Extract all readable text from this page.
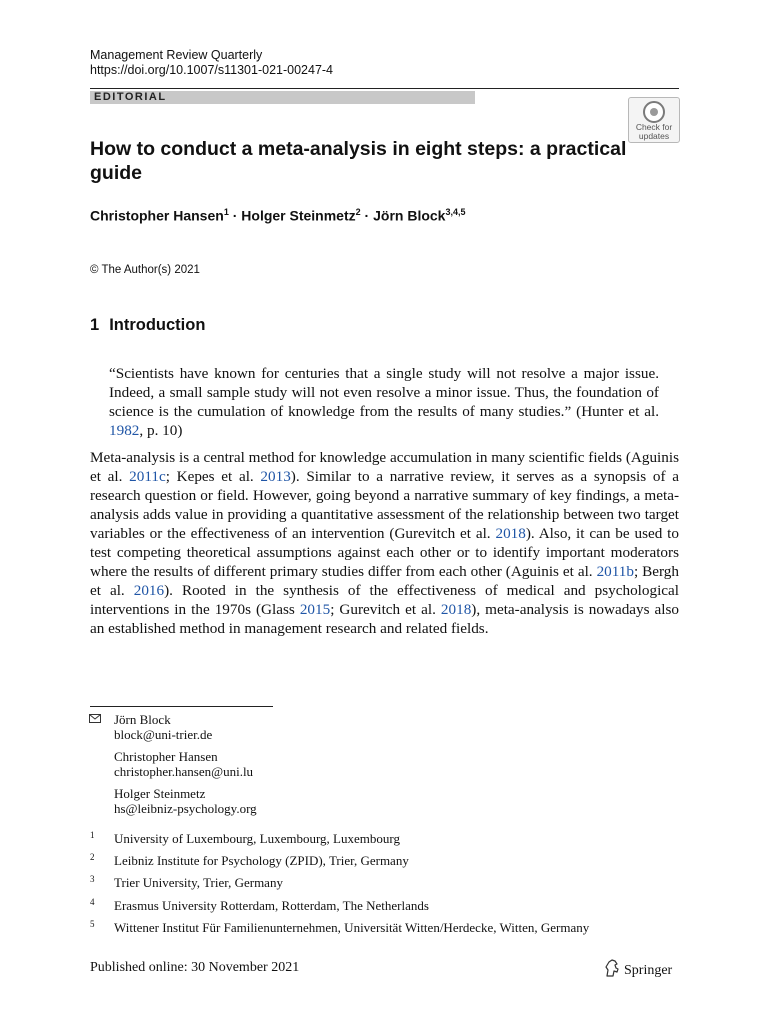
Management Review Quarterly
https://doi.org/10.1007/s11301-021-00247-4
EDITORIAL
Check for
updates
How to conduct a meta-analysis in eight steps: a practical guide
Christopher Hansen$^1$ · Holger Steinmetz$^2$ · Jörn Block$^{3,4,5}$
© The Author(s) 2021
1 Introduction
“Scientists have known for centuries that a single study will not resolve a major issue. Indeed, a small sample study will not even resolve a minor issue. Thus, the foundation of science is the cumulation of knowledge from the results of many studies.” (Hunter et al. 1982, p. 10)
Meta-analysis is a central method for knowledge accumulation in many scientific fields (Aguinis et al. 2011c; Kepes et al. 2013). Similar to a narrative review, it serves as a synopsis of a research question or field. However, going beyond a narrative summary of key findings, a meta-analysis adds value in providing a quantitative assessment of the relationship between two target variables or the effectiveness of an intervention (Gurevitch et al. 2018). Also, it can be used to test competing theoretical assumptions against each other or to identify important moderators where the results of different primary studies differ from each other (Aguinis et al. 2011b; Bergh et al. 2016). Rooted in the synthesis of the effectiveness of medical and psychological interventions in the 1970s (Glass 2015; Gurevitch et al. 2018), meta-analysis is nowadays also an established method in management research and related fields.
Jörn Block
block@uni-trier.de
Christopher Hansen
christopher.hansen@uni.lu
Holger Steinmetz
hs@leibniz-psychology.org
1 University of Luxembourg, Luxembourg, Luxembourg
2 Leibniz Institute for Psychology (ZPID), Trier, Germany
3 Trier University, Trier, Germany
4 Erasmus University Rotterdam, Rotterdam, The Netherlands
5 Wittener Institut Für Familienunternehmen, Universität Witten/Herdecke, Witten, Germany
Published online: 30 November 2021	Springer
